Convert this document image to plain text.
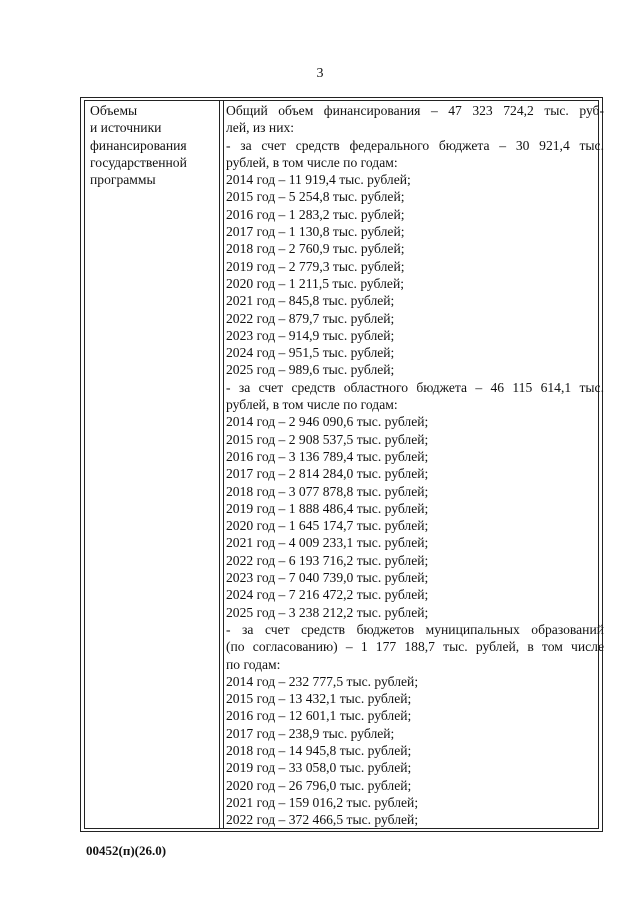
3
Объемы
и источники
финансирования
государственной
программы
Общий объем финансирования – 47 323 724,2 тыс. руб-
лей, из них:
- за счет средств федерального бюджета – 30 921,4 тыс.
рублей, в том числе по годам:
2014 год – 11 919,4 тыс. рублей;
2015 год – 5 254,8 тыс. рублей;
2016 год – 1 283,2 тыс. рублей;
2017 год – 1 130,8 тыс. рублей;
2018 год – 2 760,9 тыс. рублей;
2019 год – 2 779,3 тыс. рублей;
2020 год – 1 211,5 тыс. рублей;
2021 год – 845,8 тыс. рублей;
2022 год – 879,7 тыс. рублей;
2023 год – 914,9 тыс. рублей;
2024 год – 951,5 тыс. рублей;
2025 год – 989,6 тыс. рублей;
- за счет средств областного бюджета – 46 115 614,1 тыс.
рублей, в том числе по годам:
2014 год – 2 946 090,6 тыс. рублей;
2015 год – 2 908 537,5 тыс. рублей;
2016 год – 3 136 789,4 тыс. рублей;
2017 год – 2 814 284,0 тыс. рублей;
2018 год – 3 077 878,8 тыс. рублей;
2019 год – 1 888 486,4 тыс. рублей;
2020 год – 1 645 174,7 тыс. рублей;
2021 год – 4 009 233,1 тыс. рублей;
2022 год – 6 193 716,2 тыс. рублей;
2023 год – 7 040 739,0 тыс. рублей;
2024 год – 7 216 472,2 тыс. рублей;
2025 год – 3 238 212,2 тыс. рублей;
- за счет средств бюджетов муниципальных образований
(по согласованию) – 1 177 188,7 тыс. рублей, в том числе
по годам:
2014 год – 232 777,5 тыс. рублей;
2015 год – 13 432,1 тыс. рублей;
2016 год – 12 601,1 тыс. рублей;
2017 год – 238,9 тыс. рублей;
2018 год – 14 945,8 тыс. рублей;
2019 год – 33 058,0 тыс. рублей;
2020 год – 26 796,0 тыс. рублей;
2021 год – 159 016,2 тыс. рублей;
2022 год – 372 466,5 тыс. рублей;
00452(п)(26.0)
